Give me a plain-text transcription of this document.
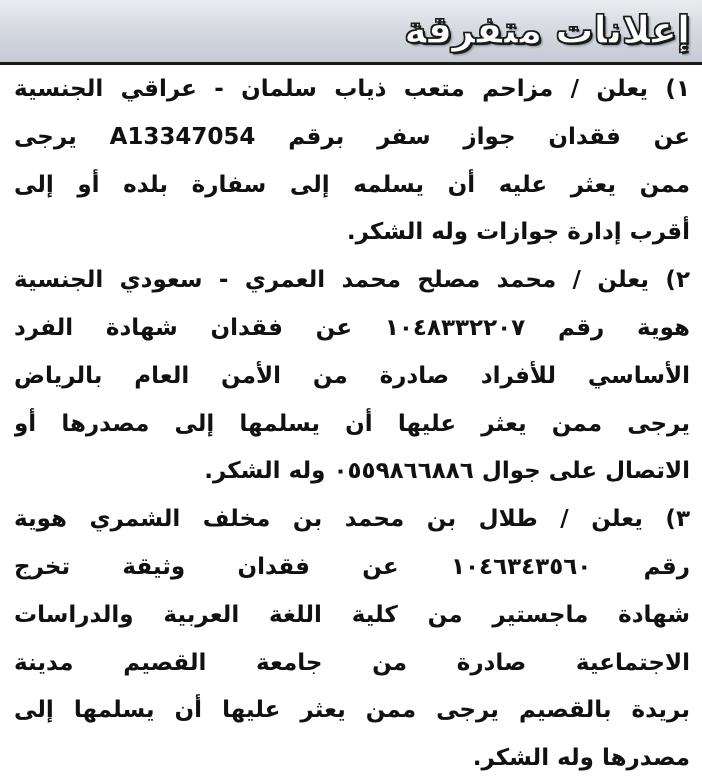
إعلانات متفرقة
١) يعلن / مزاحم متعب ذياب سلمان - عراقي الجنسية
عن فقدان جواز سفر برقم A13347054 يرجى
ممن يعثر عليه أن يسلمه إلى سفارة بلده أو إلى
أقرب إدارة جوازات وله الشكر.
٢) يعلن / محمد مصلح محمد العمري - سعودي الجنسية
هوية رقم ١٠٤٨٣٣٢٢٠٧ عن فقدان شهادة الفرد
الأساسي للأفراد صادرة من الأمن العام بالرياض
يرجى ممن يعثر عليها أن يسلمها إلى مصدرها أو
الاتصال على جوال ٠٥٥٩٨٦٦٨٨٦ وله الشكر.
٣) يعلن / طلال بن محمد بن مخلف الشمري هوية
رقم ١٠٤٦٣٤٣٥٦٠ عن فقدان وثيقة تخرج
شهادة ماجستير من كلية اللغة العربية والدراسات
الاجتماعية صادرة من جامعة القصيم مدينة
بريدة بالقصيم يرجى ممن يعثر عليها أن يسلمها إلى
مصدرها وله الشكر.
